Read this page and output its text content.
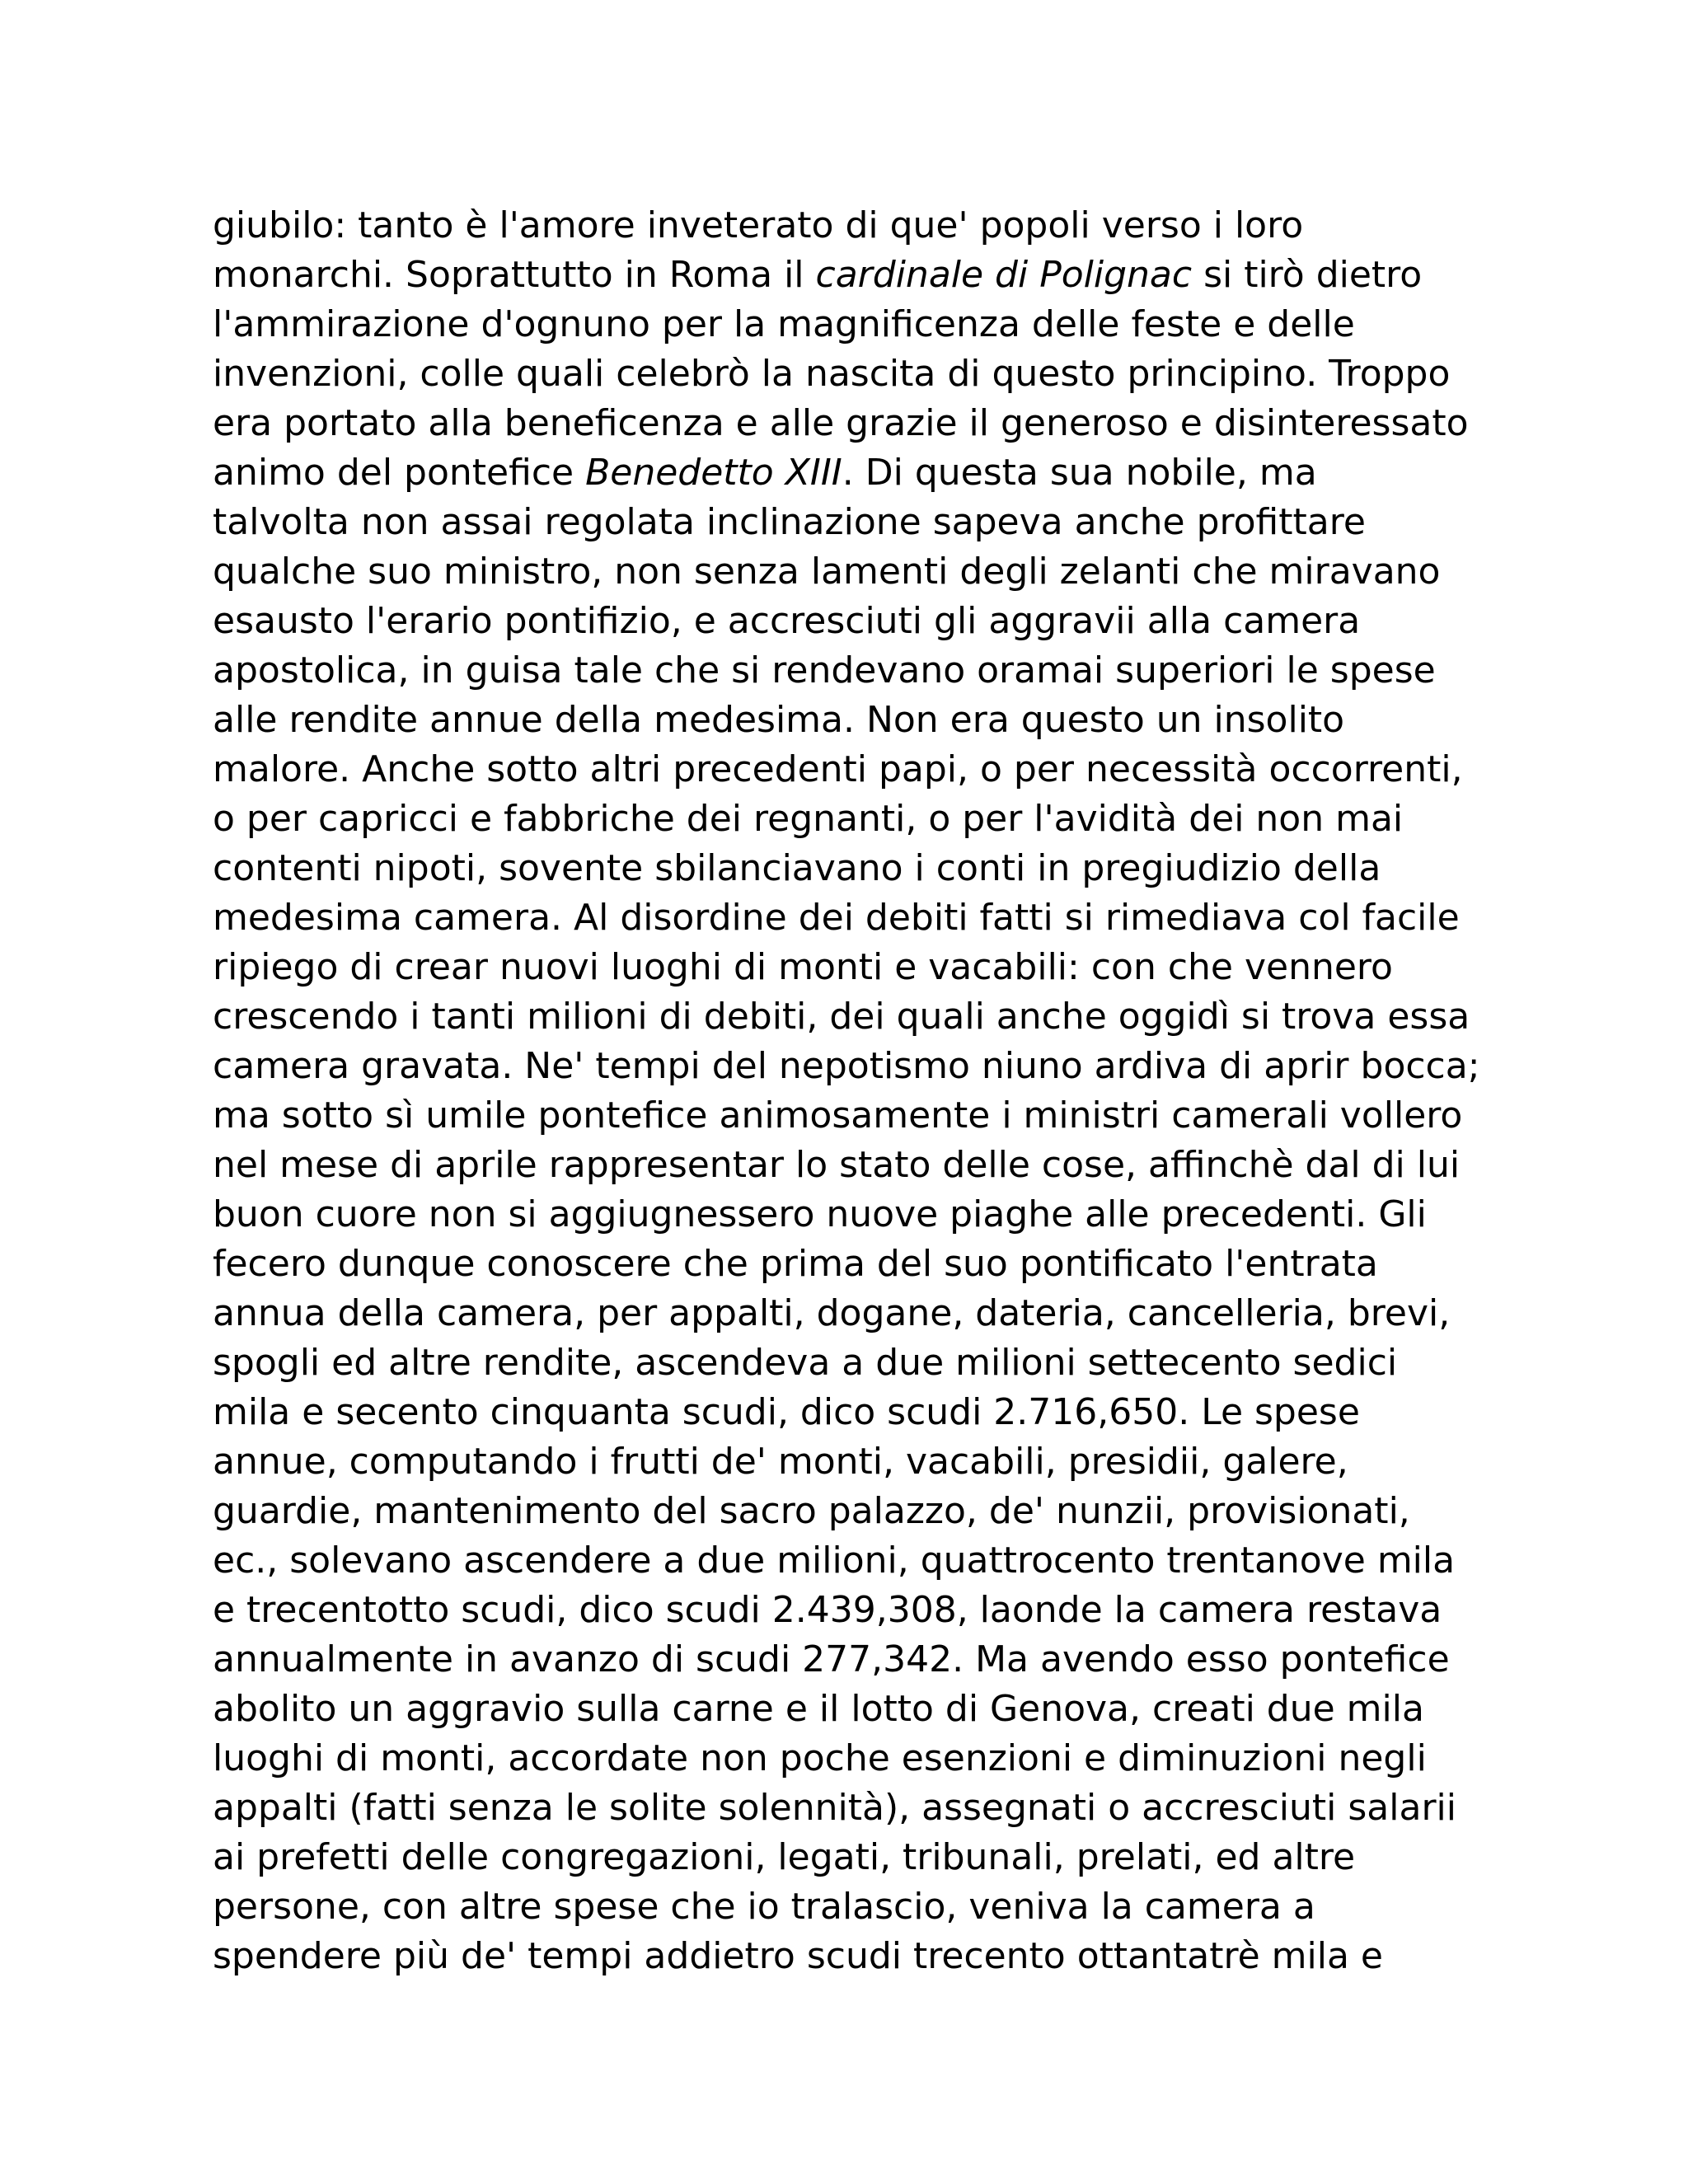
giubilo: tanto è l'amore inveterato di que' popoli verso i loro
monarchi. Soprattutto in Roma il cardinale di Polignac si tirò dietro
l'ammirazione d'ognuno per la magnificenza delle feste e delle
invenzioni, colle quali celebrò la nascita di questo principino. Troppo
era portato alla beneficenza e alle grazie il generoso e disinteressato
animo del pontefice Benedetto XIII. Di questa sua nobile, ma
talvolta non assai regolata inclinazione sapeva anche profittare
qualche suo ministro, non senza lamenti degli zelanti che miravano
esausto l'erario pontifizio, e accresciuti gli aggravii alla camera
apostolica, in guisa tale che si rendevano oramai superiori le spese
alle rendite annue della medesima. Non era questo un insolito
malore. Anche sotto altri precedenti papi, o per necessità occorrenti,
o per capricci e fabbriche dei regnanti, o per l'avidità dei non mai
contenti nipoti, sovente sbilanciavano i conti in pregiudizio della
medesima camera. Al disordine dei debiti fatti si rimediava col facile
ripiego di crear nuovi luoghi di monti e vacabili: con che vennero
crescendo i tanti milioni di debiti, dei quali anche oggidì si trova essa
camera gravata. Ne' tempi del nepotismo niuno ardiva di aprir bocca;
ma sotto sì umile pontefice animosamente i ministri camerali vollero
nel mese di aprile rappresentar lo stato delle cose, affinchè dal di lui
buon cuore non si aggiugnessero nuove piaghe alle precedenti. Gli
fecero dunque conoscere che prima del suo pontificato l'entrata
annua della camera, per appalti, dogane, dateria, cancelleria, brevi,
spogli ed altre rendite, ascendeva a due milioni settecento sedici
mila e secento cinquanta scudi, dico scudi 2.716,650. Le spese
annue, computando i frutti de' monti, vacabili, presidii, galere,
guardie, mantenimento del sacro palazzo, de' nunzii, provisionati,
ec., solevano ascendere a due milioni, quattrocento trentanove mila
e trecentotto scudi, dico scudi 2.439,308, laonde la camera restava
annualmente in avanzo di scudi 277,342. Ma avendo esso pontefice
abolito un aggravio sulla carne e il lotto di Genova, creati due mila
luoghi di monti, accordate non poche esenzioni e diminuzioni negli
appalti (fatti senza le solite solennità), assegnati o accresciuti salarii
ai prefetti delle congregazioni, legati, tribunali, prelati, ed altre
persone, con altre spese che io tralascio, veniva la camera a
spendere più de' tempi addietro scudi trecento ottantatrè mila e
